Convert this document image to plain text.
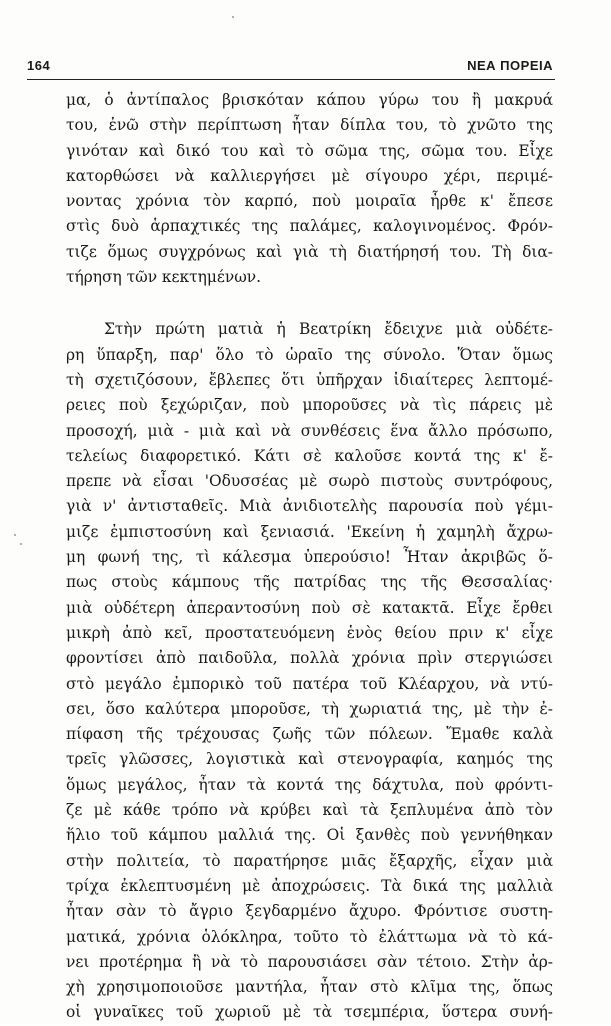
164	ΝΕΑ ΠΟΡΕΙΑ

μα, ὁ ἀντίπαλος βρισκόταν κάπου γύρω του ἢ μακρυά
του, ἐνῶ στὴν περίπτωση ἦταν δίπλα του, τὸ χνῶτο της
γινόταν καὶ δικό του καὶ τὸ σῶμα της, σῶμα του. Εἶχε
κατορθώσει νὰ καλλιεργήσει μὲ σίγουρο χέρι, περιμέ-
νοντας χρόνια τὸν καρπό, ποὺ μοιραῖα ἦρθε κ' ἔπεσε
στὶς δυὸ ἁρπαχτικές της παλάμες, καλογινομένος. Φρόν-
τιζε ὅμως συγχρόνως καὶ γιὰ τὴ διατήρησή του. Τὴ δια-
τήρηση τῶν κεκτημένων.

Στὴν πρώτη ματιὰ ἡ Βεατρίκη ἔδειχνε μιὰ οὐδέτε-
ρη ὕπαρξη, παρ' ὅλο τὸ ὡραῖο της σύνολο. Ὅταν ὅμως
τὴ σχετιζόσουν, ἔβλεπες ὅτι ὑπῆρχαν ἰδιαίτερες λεπτομέ-
ρειες ποὺ ξεχώριζαν, ποὺ μποροῦσες νὰ τὶς πάρεις μὲ
προσοχή, μιὰ - μιὰ καὶ νὰ συνθέσεις ἕνα ἄλλο πρόσωπο,
τελείως διαφορετικό. Κάτι σὲ καλοῦσε κοντά της κ' ἔ-
πρεπε νὰ εἶσαι 'Οδυσσέας μὲ σωρὸ πιστοὺς συντρόφους,
γιὰ ν' ἀντισταθεῖς. Μιὰ ἀνιδιοτελὴς παρουσία ποὺ γέμι-
μιζε ἐμπιστοσύνη καὶ ξενιασιά. 'Εκείνη ἡ χαμηλὴ ἄχρω-
μη φωνή της, τὶ κάλεσμα ὑπερούσιο! Ἦταν ἀκριβῶς ὅ-
πως στοὺς κάμπους τῆς πατρίδας της τῆς Θεσσαλίας·
μιὰ οὐδέτερη ἀπεραντοσύνη ποὺ σὲ κατακτᾶ. Εἶχε ἔρθει
μικρὴ ἀπὸ κεῖ, προστατευόμενη ἑνὸς θείου πριν κ' εἶχε
φροντίσει ἀπὸ παιδοῦλα, πολλὰ χρόνια πρὶν στεργιώσει
στὸ μεγάλο ἐμπορικὸ τοῦ πατέρα τοῦ Κλέαρχου, νὰ ντύ-
σει, ὅσο καλύτερα μποροῦσε, τὴ χωριατιά της, μὲ τὴν ἐ-
πίφαση τῆς τρέχουσας ζωῆς τῶν πόλεων. Ἔμαθε καλὰ
τρεῖς γλῶσσες, λογιστικὰ καὶ στενογραφία, καημός της
ὅμως μεγάλος, ἦταν τὰ κοντά της δάχτυλα, ποὺ φρόντι-
ζε μὲ κάθε τρόπο νὰ κρύβει καὶ τὰ ξεπλυμένα ἀπὸ τὸν
ἥλιο τοῦ κάμπου μαλλιά της. Οἱ ξανθὲς ποὺ γεννήθηκαν
στὴν πολιτεία, τὸ παρατήρησε μιᾶς ἔξαρχῆς, εἶχαν μιὰ
τρίχα ἐκλεπτυσμένη μὲ ἀποχρώσεις. Τὰ δικά της μαλλιὰ
ἦταν σὰν τὸ ἄγριο ξεγδαρμένο ἄχυρο. Φρόντισε συστη-
ματικά, χρόνια ὁλόκληρα, τοῦτο τὸ ἐλάττωμα νὰ τὸ κά-
νει προτέρημα ἢ νὰ τὸ παρουσιάσει σὰν τέτοιο. Στὴν ἀρ-
χὴ χρησιμοποιοῦσε μαντήλα, ἦταν στὸ κλῖμα της, ὅπως
οἱ γυναῖκες τοῦ χωριοῦ μὲ τὰ τσεμπέρια, ὕστερα συνή-
